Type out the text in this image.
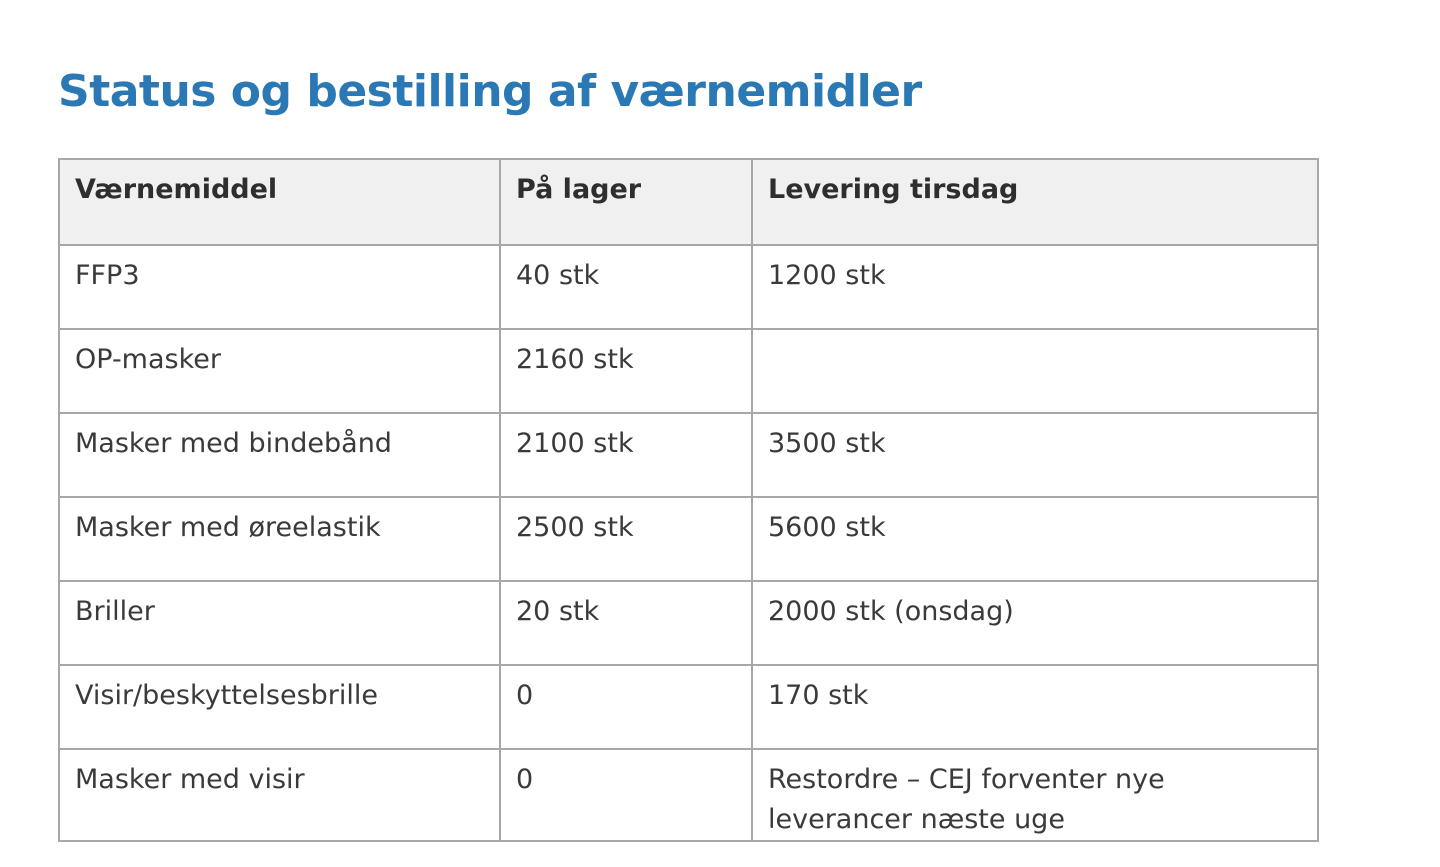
Status og bestilling af værnemidler
Værnemiddel	På lager	Levering tirsdag
FFP3	40 stk	1200 stk
OP-masker	2160 stk	
Masker med bindebånd	2100 stk	3500 stk
Masker med øreelastik	2500 stk	5600 stk
Briller	20 stk	2000 stk (onsdag)
Visir/beskyttelsesbrille	0	170 stk
Masker med visir	0	Restordre – CEJ forventer nye leverancer næste uge
